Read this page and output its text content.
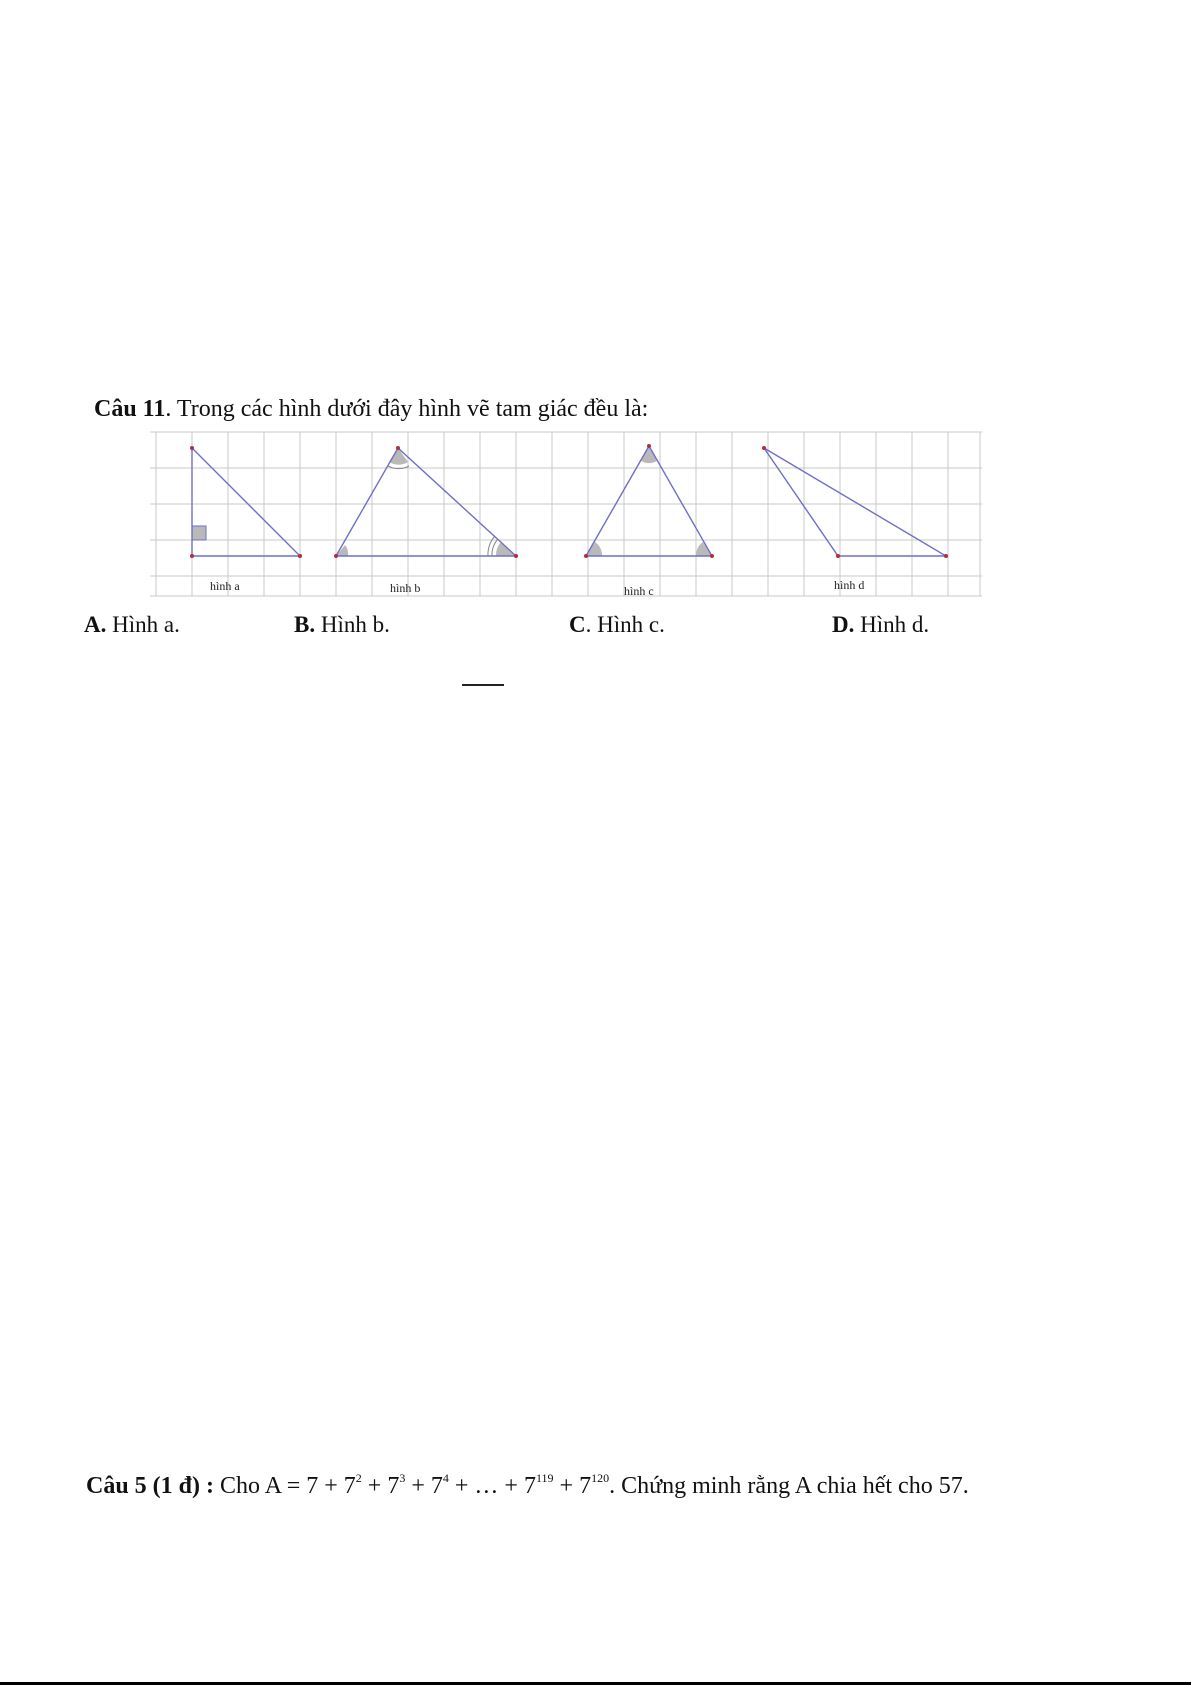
Câu 11. Trong các hình dưới đây hình vẽ tam giác đều là:
hình a	hình b	hình c	hình d
A. Hình a.	B. Hình b.	C. Hình c.	D. Hình d.
Câu 5 (1 đ) : Cho $A = 7 + 7^2 + 7^3 + 7^4$ + … + $7^{119} + 7^{120}$. Chứng minh rằng A chia hết cho 57.
